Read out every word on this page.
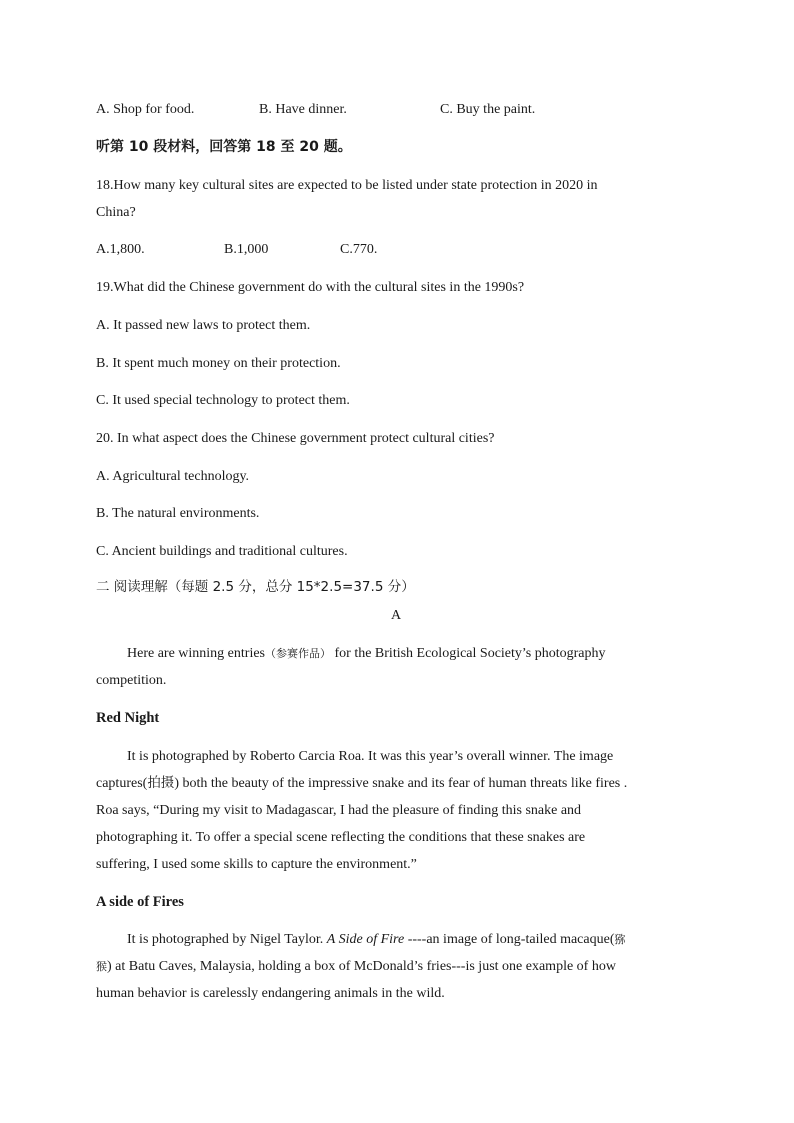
A. Shop for food.	B. Have dinner.	C. Buy the paint.
听第 10 段材料，回答第 18 至 20 题。
18.How many key cultural sites are expected to be listed under state protection in 2020 in
China?
A.1,800.	B.1,000	C.770.
19.What did the Chinese government do with the cultural sites in the 1990s?
A. It passed new laws to protect them.
B. It spent much money on their protection.
C. It used special technology to protect them.
20. In what aspect does the Chinese government protect cultural cities?
A. Agricultural technology.
B. The natural environments.
C. Ancient buildings and traditional cultures.
二 阅读理解（每题 2.5 分，总分 15*2.5=37.5 分）
A
Here are winning entries（参赛作品） for the British Ecological Society’s photography
competition.
Red Night
It is photographed by Roberto Carcia Roa. It was this year’s overall winner. The image
captures(拍摄) both the beauty of the impressive snake and its fear of human threats like fires .
Roa says, “During my visit to Madagascar, I had the pleasure of finding this snake and
photographing it. To offer a special scene reflecting the conditions that these snakes are
suffering, I used some skills to capture the environment.”
A side of Fires
It is photographed by Nigel Taylor. A Side of Fire ----an image of long-tailed macaque(猕
猴) at Batu Caves, Malaysia, holding a box of McDonald’s fries---is just one example of how
human behavior is carelessly endangering animals in the wild.
